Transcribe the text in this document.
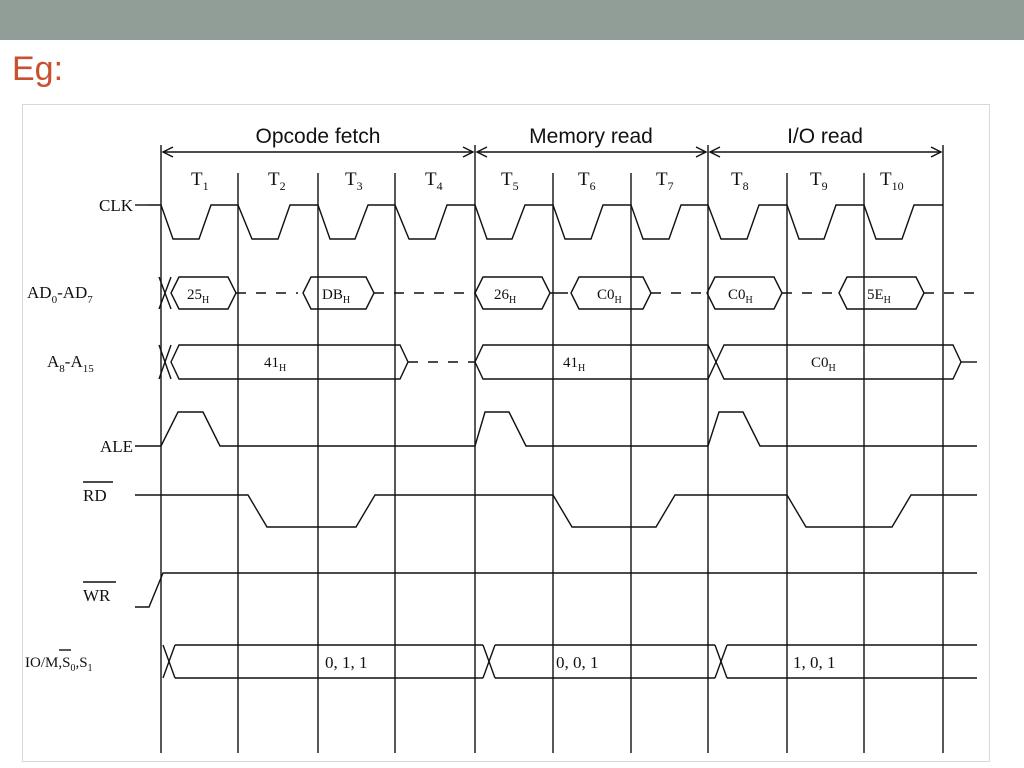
Eg:
Opcode fetch	Memory read	I/O read
$T_1$	$T_2$	$T_3$	$T_4$	$T_5$	$T_6$	$T_7$	$T_8$	$T_9$	$T_{10}$
CLK
$AD_0-AD_7$
$A_8-A_{15}$
ALE
RD
WR
$IO/M,S_0,S_1$
$25_H$	$DB_H$	$26_H$	$C0_H$	$C0_H$	$5E_H$
$41_H$	$41_H$	$C0_H$
0, 1, 1	0, 0, 1	1, 0, 1
